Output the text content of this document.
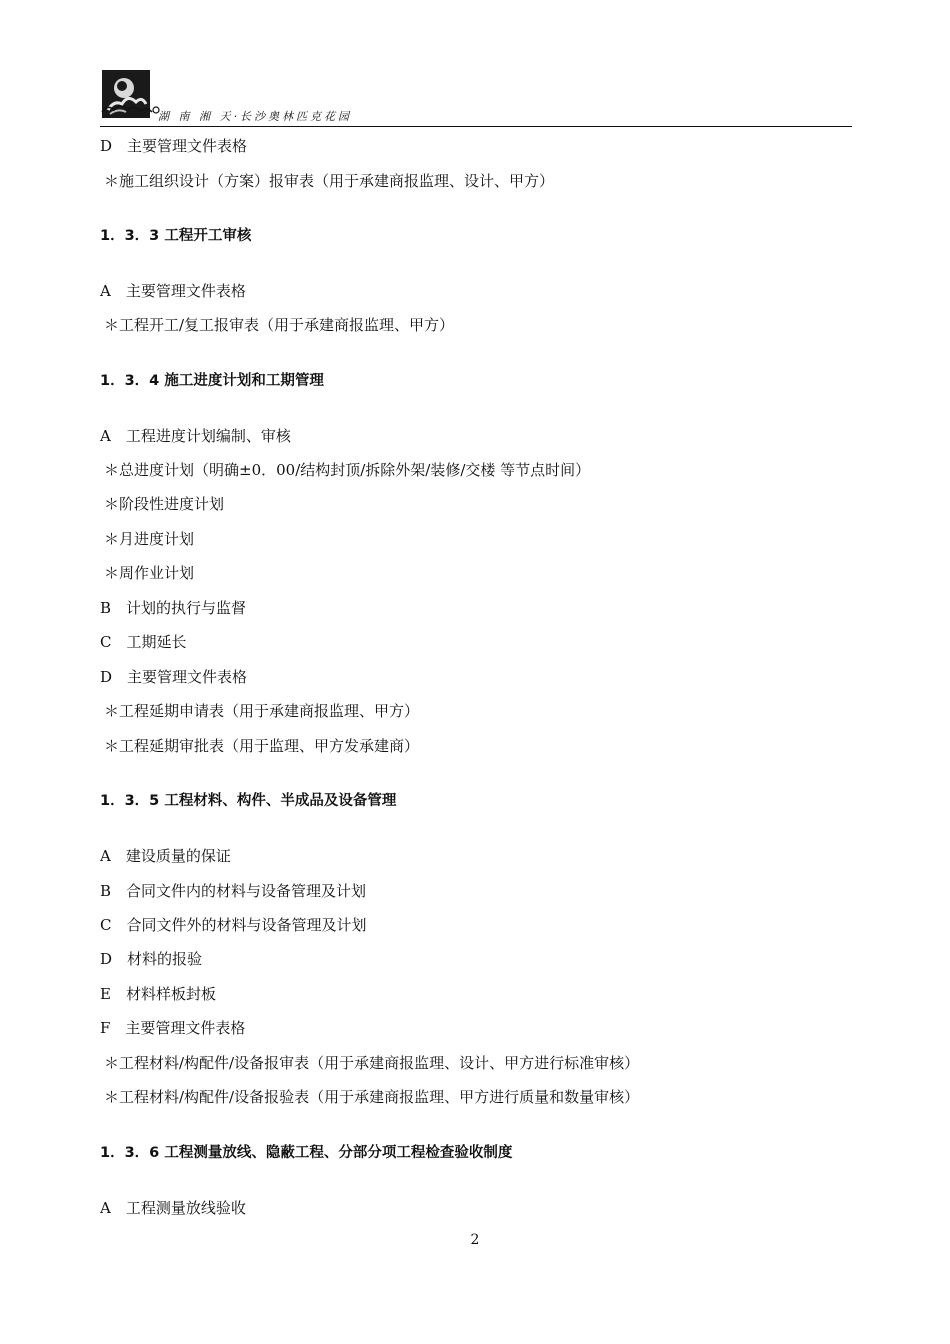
湖 南 湘 天·长沙奥林匹克花园
D　主要管理文件表格
＊施工组织设计（方案）报审表（用于承建商报监理、设计、甲方）
1．3．3 工程开工审核
A　主要管理文件表格
＊工程开工/复工报审表（用于承建商报监理、甲方）
1．3．4 施工进度计划和工期管理
A　工程进度计划编制、审核
＊总进度计划（明确±0．00/结构封顶/拆除外架/装修/交楼 等节点时间）
＊阶段性进度计划
＊月进度计划
＊周作业计划
B　计划的执行与监督
C　工期延长
D　主要管理文件表格
＊工程延期申请表（用于承建商报监理、甲方）
＊工程延期审批表（用于监理、甲方发承建商）
1．3．5 工程材料、构件、半成品及设备管理
A　建设质量的保证
B　合同文件内的材料与设备管理及计划
C　合同文件外的材料与设备管理及计划
D　材料的报验
E　材料样板封板
F　主要管理文件表格
＊工程材料/构配件/设备报审表（用于承建商报监理、设计、甲方进行标准审核）
＊工程材料/构配件/设备报验表（用于承建商报监理、甲方进行质量和数量审核）
1．3．6 工程测量放线、隐蔽工程、分部分项工程检查验收制度
A　工程测量放线验收
2
